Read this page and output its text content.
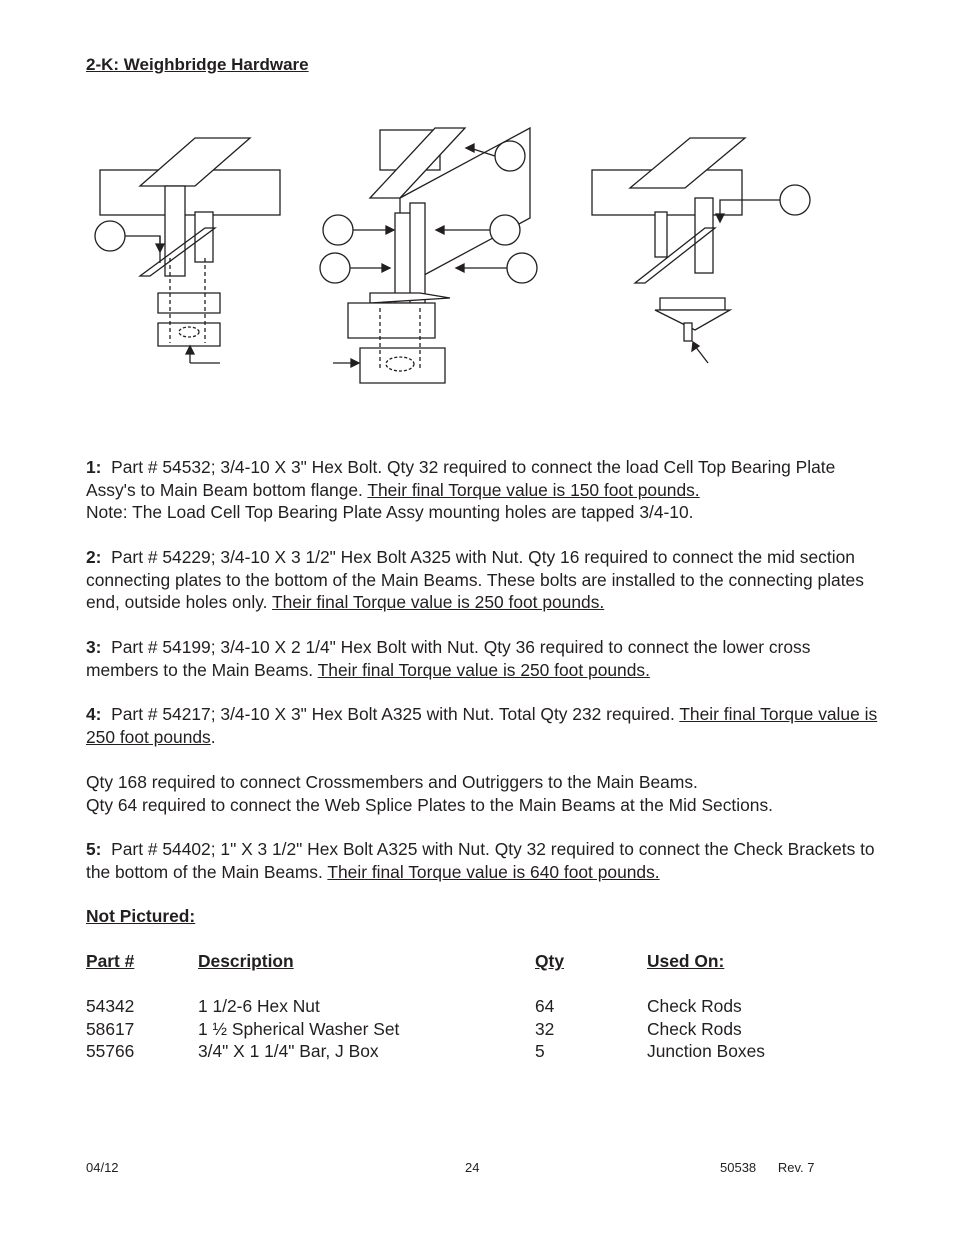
2-K: Weighbridge Hardware
1: Part # 54532; 3/4-10 X 3" Hex Bolt. Qty 32 required to connect the load Cell Top Bearing Plate Assy's to Main Beam bottom flange. Their final Torque value is 150 foot pounds.
Note: The Load Cell Top Bearing Plate Assy mounting holes are tapped 3/4-10.
2: Part # 54229; 3/4-10 X 3 1/2" Hex Bolt A325 with Nut. Qty 16 required to connect the mid section connecting plates to the bottom of the Main Beams. These bolts are installed to the connecting plates end, outside holes only. Their final Torque value is 250 foot pounds.
3: Part # 54199; 3/4-10 X 2 1/4" Hex Bolt with Nut. Qty 36 required to connect the lower cross members to the Main Beams. Their final Torque value is 250 foot pounds.
4: Part # 54217; 3/4-10 X 3" Hex Bolt A325 with Nut. Total Qty 232 required. Their final Torque value is 250 foot pounds.
Qty 168 required to connect Crossmembers and Outriggers to the Main Beams.
Qty 64 required to connect the Web Splice Plates to the Main Beams at the Mid Sections.
5: Part # 54402; 1" X 3 1/2" Hex Bolt A325 with Nut. Qty 32 required to connect the Check Brackets to the bottom of the Main Beams. Their final Torque value is 640 foot pounds.
Not Pictured:
Part #	Description	Qty	Used On:
54342	1 1/2-6 Hex Nut	64	Check Rods
58617	1 ½ Spherical Washer Set	32	Check Rods
55766	3/4" X 1 1/4" Bar, J Box	5	Junction Boxes
04/12	24	50538      Rev. 7
